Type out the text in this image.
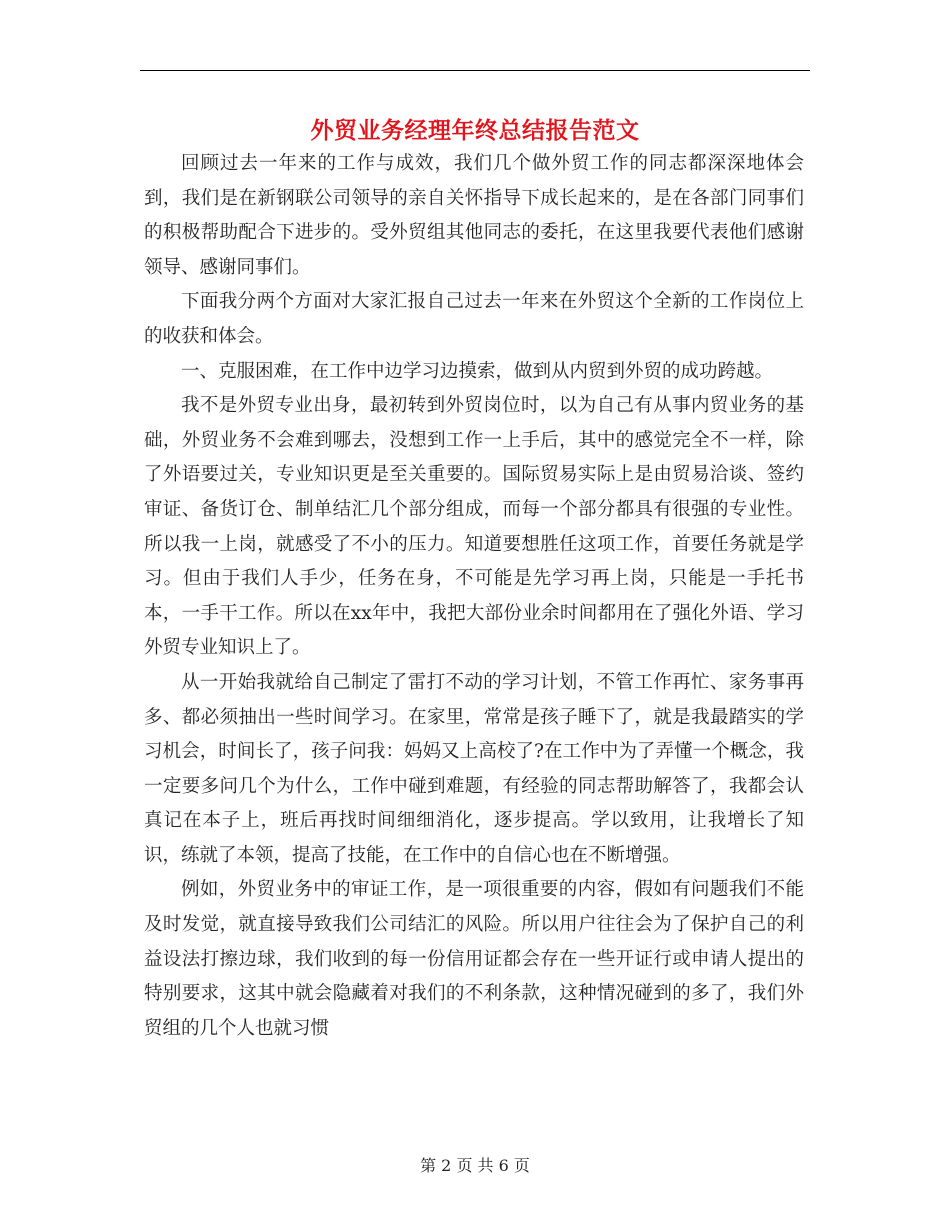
外贸业务经理年终总结报告范文

回顾过去一年来的工作与成效，我们几个做外贸工作的同志都深深地体会到，我们是在新钢联公司领导的亲自关怀指导下成长起来的，是在各部门同事们的积极帮助配合下进步的。受外贸组其他同志的委托，在这里我要代表他们感谢领导、感谢同事们。

下面我分两个方面对大家汇报自己过去一年来在外贸这个全新的工作岗位上的收获和体会。

一、克服困难，在工作中边学习边摸索，做到从内贸到外贸的成功跨越。

我不是外贸专业出身，最初转到外贸岗位时，以为自己有从事内贸业务的基础，外贸业务不会难到哪去，没想到工作一上手后，其中的感觉完全不一样，除了外语要过关，专业知识更是至关重要的。国际贸易实际上是由贸易洽谈、签约审证、备货订仓、制单结汇几个部分组成，而每一个部分都具有很强的专业性。所以我一上岗，就感受了不小的压力。知道要想胜任这项工作，首要任务就是学习。但由于我们人手少，任务在身，不可能是先学习再上岗，只能是一手托书本，一手干工作。所以在xx年中，我把大部份业余时间都用在了强化外语、学习外贸专业知识上了。

从一开始我就给自己制定了雷打不动的学习计划，不管工作再忙、家务事再多、都必须抽出一些时间学习。在家里，常常是孩子睡下了，就是我最踏实的学习机会，时间长了，孩子问我：妈妈又上高校了?在工作中为了弄懂一个概念，我一定要多问几个为什么，工作中碰到难题，有经验的同志帮助解答了，我都会认真记在本子上，班后再找时间细细消化，逐步提高。学以致用，让我增长了知识，练就了本领，提高了技能，在工作中的自信心也在不断增强。

例如，外贸业务中的审证工作，是一项很重要的内容，假如有问题我们不能及时发觉，就直接导致我们公司结汇的风险。所以用户往往会为了保护自己的利益设法打擦边球，我们收到的每一份信用证都会存在一些开证行或申请人提出的特别要求，这其中就会隐藏着对我们的不利条款，这种情况碰到的多了，我们外贸组的几个人也就习惯

第 2 页 共 6 页
